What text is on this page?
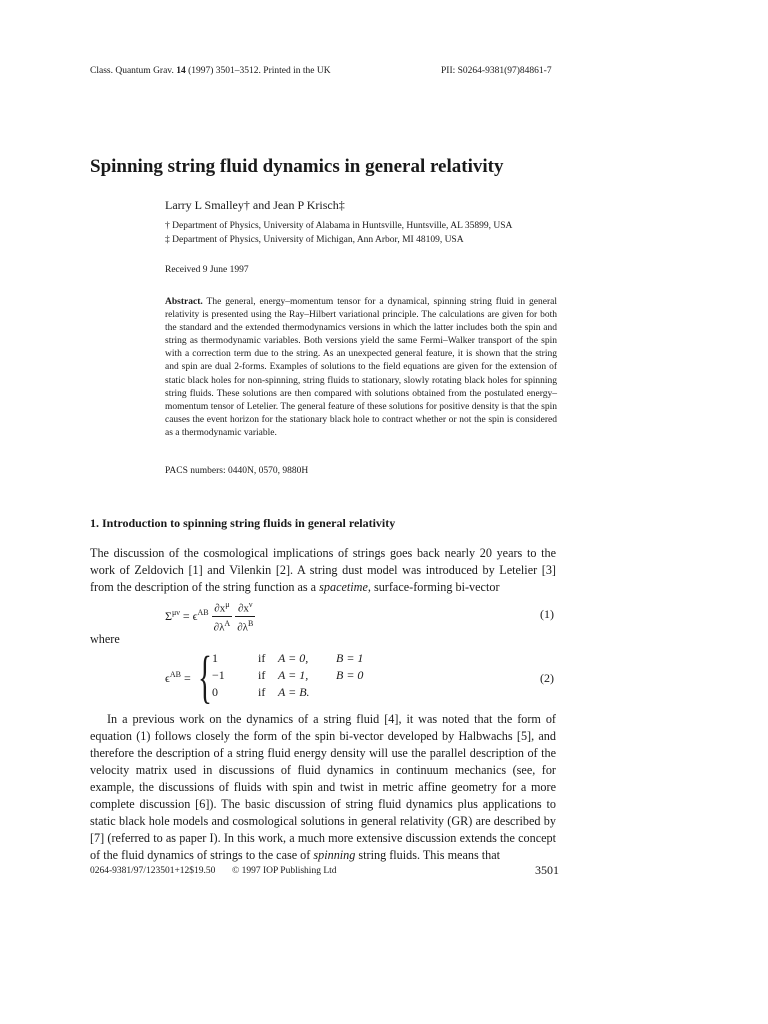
Class. Quantum Grav. 14 (1997) 3501–3512. Printed in the UK	PII: S0264-9381(97)84861-7
Spinning string fluid dynamics in general relativity
Larry L Smalley† and Jean P Krisch‡
† Department of Physics, University of Alabama in Huntsville, Huntsville, AL 35899, USA
‡ Department of Physics, University of Michigan, Ann Arbor, MI 48109, USA
Received 9 June 1997
Abstract. The general, energy–momentum tensor for a dynamical, spinning string fluid in general relativity is presented using the Ray–Hilbert variational principle. The calculations are given for both the standard and the extended thermodynamics versions in which the latter includes both the spin and string as thermodynamic variables. Both versions yield the same Fermi–Walker transport of the spin with a correction term due to the string. As an unexpected general feature, it is shown that the string and spin are dual 2-forms. Examples of solutions to the field equations are given for the extension of static black holes for non-spinning, string fluids to stationary, slowly rotating black holes for spinning string fluids. These solutions are then compared with solutions obtained from the postulated energy–momentum tensor of Letelier. The general feature of these solutions for positive density is that the spin causes the event horizon for the stationary black hole to contract whether or not the spin is considered as a thermodynamic variable.
PACS numbers: 0440N, 0570, 9880H
1. Introduction to spinning string fluids in general relativity
The discussion of the cosmological implications of strings goes back nearly 20 years to the work of Zeldovich [1] and Vilenkin [2]. A string dust model was introduced by Letelier [3] from the description of the string function as a spacetime, surface-forming bi-vector
$\Sigma^{\mu\nu} = \epsilon^{AB} \frac{\partial x^\mu}{\partial\lambda^A}$
$\frac{\partial x^\nu}{\partial\lambda^B}$	(1)
where
$\epsilon^{AB}$ = { 1	if	A = 0,	B = 1
−1	if	A = 1,	B = 0
0	if	A = B.	
(2)
In a previous work on the dynamics of a string fluid [4], it was noted that the form of equation (1) follows closely the form of the spin bi-vector developed by Halbwachs [5], and therefore the description of a string fluid energy density will use the parallel description of the velocity matrix used in discussions of fluid dynamics in continuum mechanics (see, for example, the discussions of fluids with spin and twist in metric affine geometry for a more complete discussion [6]). The basic discussion of string fluid dynamics plus applications to static black hole models and cosmological solutions in general relativity (GR) are described by [7] (referred to as paper I). In this work, a much more extensive discussion extends the concept of the fluid dynamics of strings to the case of spinning string fluids. This means that
0264-9381/97/123501+12$19.50 © 1997 IOP Publishing Ltd	3501
